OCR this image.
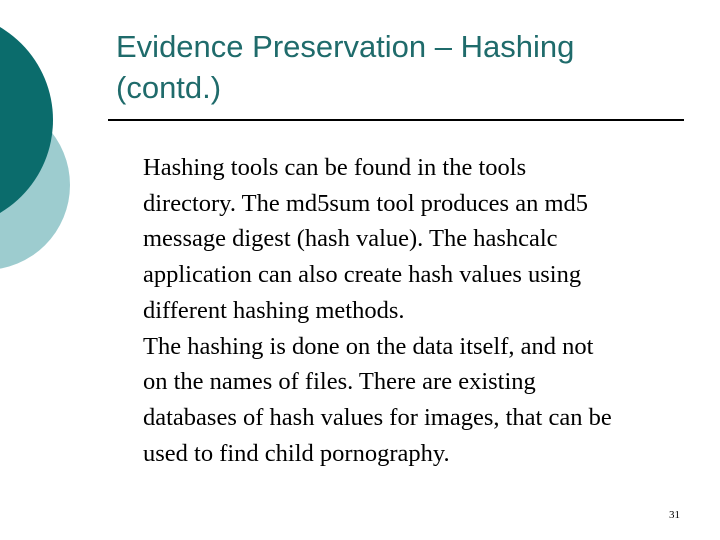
Evidence Preservation – Hashing
(contd.)
Hashing tools can be found in the tools
directory. The md5sum tool produces an md5
message digest (hash value). The hashcalc
application can also create hash values using
different hashing methods.
The hashing is done on the data itself, and not
on the names of files. There are existing
databases of hash values for images, that can be
used to find child pornography.
31
